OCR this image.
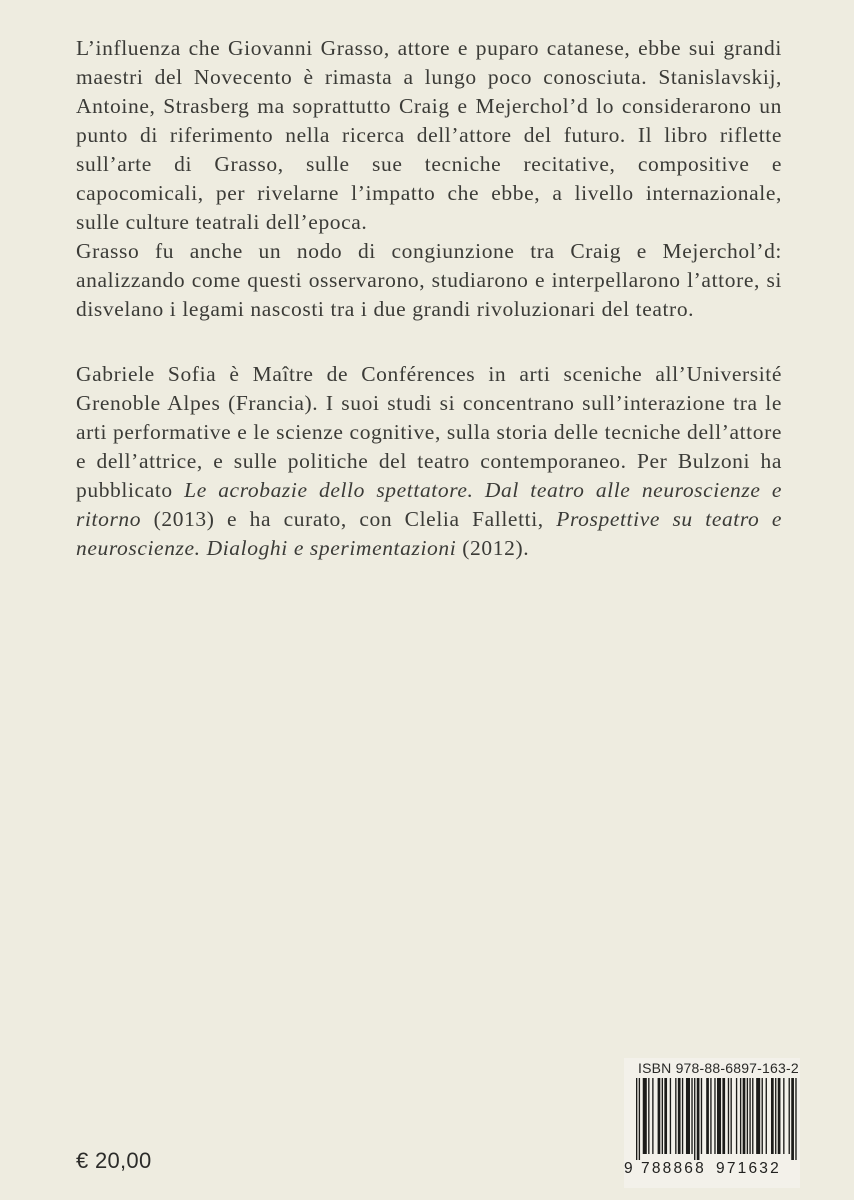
L’influenza che Giovanni Grasso, attore e puparo catanese, ebbe sui grandi maestri del Novecento è rimasta a lungo poco conosciuta. Stanislavskij, Antoine, Strasberg ma soprattutto Craig e Mejerchol’d lo considerarono un punto di riferimento nella ricerca dell’attore del futuro. Il libro riflette sull’arte di Grasso, sulle sue tecniche recitative, compositive e capocomicali, per rivelarne l’impatto che ebbe, a livello internazionale, sulle culture teatrali dell’epoca.

Grasso fu anche un nodo di congiunzione tra Craig e Mejerchol’d: analizzando come questi osservarono, studiarono e interpellarono l’attore, si disvelano i legami nascosti tra i due grandi rivoluzionari del teatro.

Gabriele Sofia è Maître de Conférences in arti sceniche all’Université Grenoble Alpes (Francia). I suoi studi si concentrano sull’interazione tra le arti performative e le scienze cognitive, sulla storia delle tecniche dell’attore e dell’attrice, e sulle politiche del teatro contemporaneo. Per Bulzoni ha pubblicato Le acrobazie dello spettatore. Dal teatro alle neuroscienze e ritorno (2013) e ha curato, con Clelia Falletti, Prospettive su teatro e neuroscienze. Dialoghi e sperimentazioni (2012).

€ 20,00
ISBN 978-88-6897-163-2
9 788868 971632
